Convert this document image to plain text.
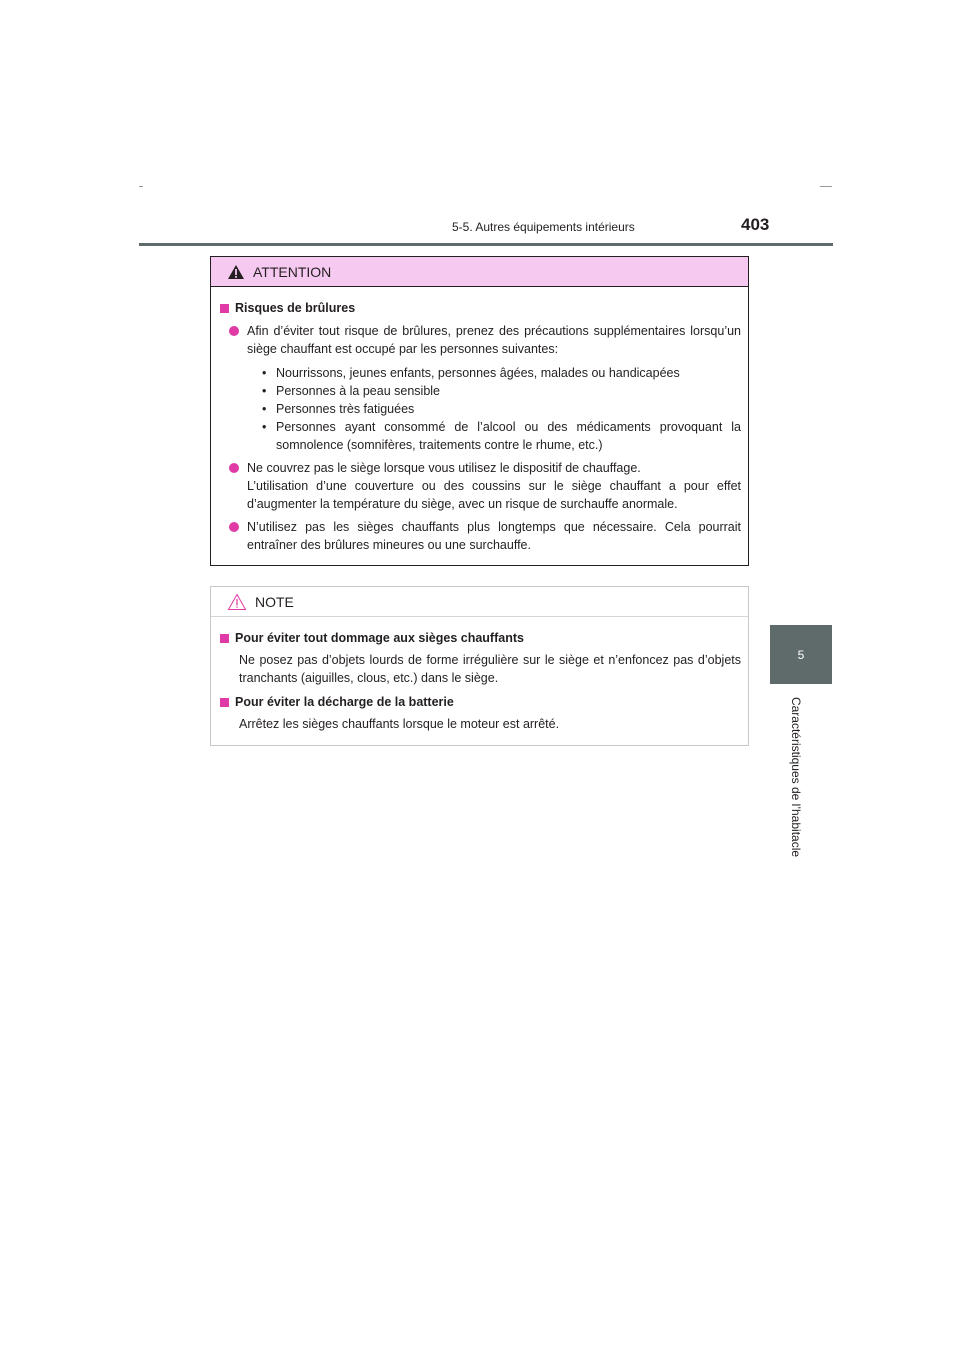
5-5. Autres équipements intérieurs	403
5
Caractéristiques de l’habitacle
ATTENTION
Risques de brûlures

Afin d’éviter tout risque de brûlures, prenez des précautions supplémentaires lorsqu’un siège chauffant est occupé par les personnes suivantes:

• Nourrissons, jeunes enfants, personnes âgées, malades ou handicapées

• Personnes à la peau sensible

• Personnes très fatiguées

• Personnes ayant consommé de l’alcool ou des médicaments provoquant la somnolence (somnifères, traitements contre le rhume, etc.)

Ne couvrez pas le siège lorsque vous utilisez le dispositif de chauffage.

L’utilisation d’une couverture ou des coussins sur le siège chauffant a pour effet d’augmenter la température du siège, avec un risque de surchauffe anormale.

N’utilisez pas les sièges chauffants plus longtemps que nécessaire. Cela pourrait entraîner des brûlures mineures ou une surchauffe.

NOTE
Pour éviter tout dommage aux sièges chauffants

Ne posez pas d’objets lourds de forme irrégulière sur le siège et n’enfoncez pas d’objets tranchants (aiguilles, clous, etc.) dans le siège.

Pour éviter la décharge de la batterie

Arrêtez les sièges chauffants lorsque le moteur est arrêté.
